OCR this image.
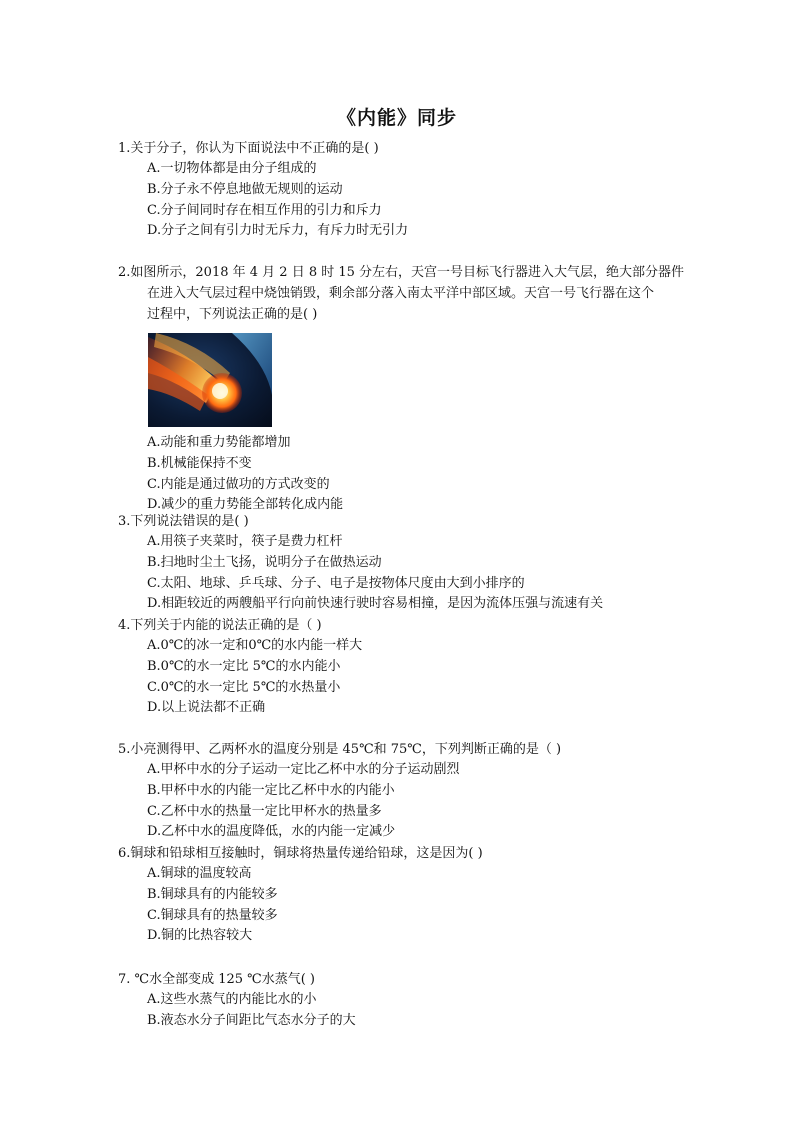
《内能》同步

1.关于分子，你认为下面说法中不正确的是( )

A.一切物体都是由分子组成的
B.分子永不停息地做无规则的运动
C.分子间同时存在相互作用的引力和斥力
D.分子之间有引力时无斥力，有斥力时无引力

2.如图所示，2018 年 4 月 2 日 8 时 15 分左右，天宫一号目标飞行器进入大气层，绝大部分器件
在进入大气层过程中烧蚀销毁，剩余部分落入南太平洋中部区域。天宫一号飞行器在这个
过程中，下列说法正确的是( )

A.动能和重力势能都增加
B.机械能保持不变
C.内能是通过做功的方式改变的
D.减少的重力势能全部转化成内能

3.下列说法错误的是( )

A.用筷子夹菜时，筷子是费力杠杆
B.扫地时尘土飞扬，说明分子在做热运动
C.太阳、地球、乒乓球、分子、电子是按物体尺度由大到小排序的
D.相距较近的两艘船平行向前快速行驶时容易相撞，是因为流体压强与流速有关

4.下列关于内能的说法正确的是（ )

A.0℃的冰一定和0℃的水内能一样大
B.0℃的水一定比 5℃的水内能小
C.0℃的水一定比 5℃的水热量小
D.以上说法都不正确

5.小亮测得甲、乙两杯水的温度分别是 45℃和 75℃，下列判断正确的是（ )

A.甲杯中水的分子运动一定比乙杯中水的分子运动剧烈
B.甲杯中水的内能一定比乙杯中水的内能小
C.乙杯中水的热量一定比甲杯水的热量多
D.乙杯中水的温度降低，水的内能一定减少

6.铜球和铅球相互接触时，铜球将热量传递给铅球，这是因为( )

A.铜球的温度较高
B.铜球具有的内能较多
C.铜球具有的热量较多
D.铜的比热容较大

7. ℃水全部变成 125 ℃水蒸气( )

A.这些水蒸气的内能比水的小
B.液态水分子间距比气态水分子的大
